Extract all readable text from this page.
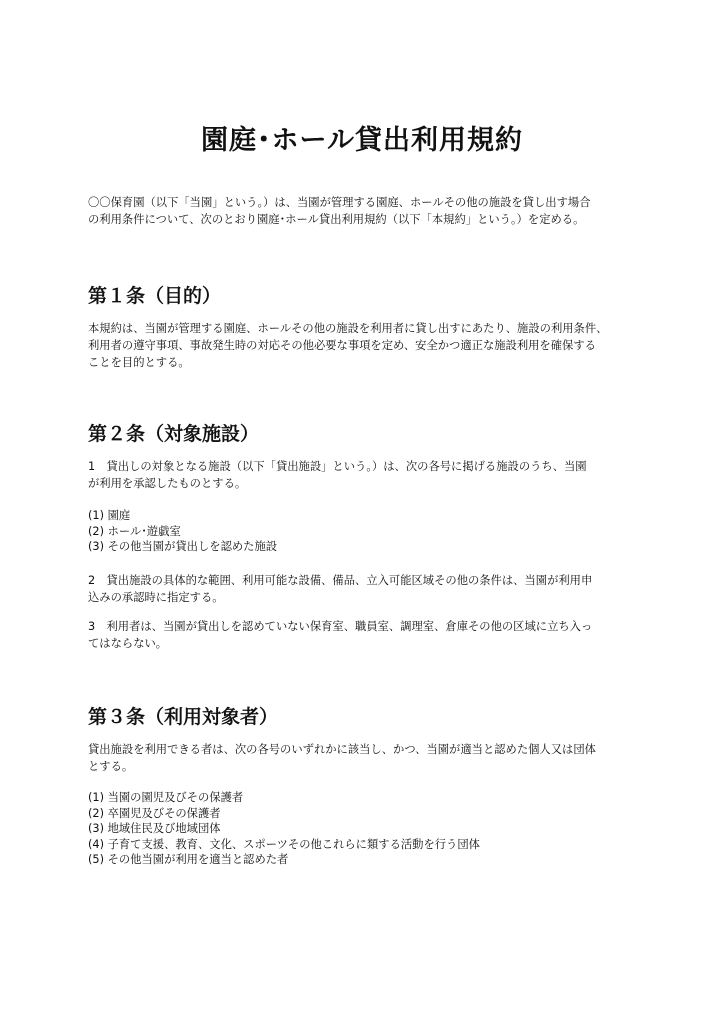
園庭･ホール貸出利用規約

〇〇保育園（以下「当園」という。）は、当園が管理する園庭、ホールその他の施設を貸し出す場合
の利用条件について、次のとおり園庭･ホール貸出利用規約（以下「本規約」という。）を定める。

第１条（目的）

本規約は、当園が管理する園庭、ホールその他の施設を利用者に貸し出すにあたり、施設の利用条件、
利用者の遵守事項、事故発生時の対応その他必要な事項を定め、安全かつ適正な施設利用を確保する
ことを目的とする。

第２条（対象施設）

1　貸出しの対象となる施設（以下「貸出施設」という。）は、次の各号に掲げる施設のうち、当園
が利用を承認したものとする。

(1) 園庭
(2) ホール･遊戯室
(3) その他当園が貸出しを認めた施設

2　貸出施設の具体的な範囲、利用可能な設備、備品、立入可能区域その他の条件は、当園が利用申
込みの承認時に指定する。

3　利用者は、当園が貸出しを認めていない保育室、職員室、調理室、倉庫その他の区域に立ち入っ
てはならない。

第３条（利用対象者）

貸出施設を利用できる者は、次の各号のいずれかに該当し、かつ、当園が適当と認めた個人又は団体
とする。

(1) 当園の園児及びその保護者
(2) 卒園児及びその保護者
(3) 地域住民及び地域団体
(4) 子育て支援、教育、文化、スポーツその他これらに類する活動を行う団体
(5) その他当園が利用を適当と認めた者
